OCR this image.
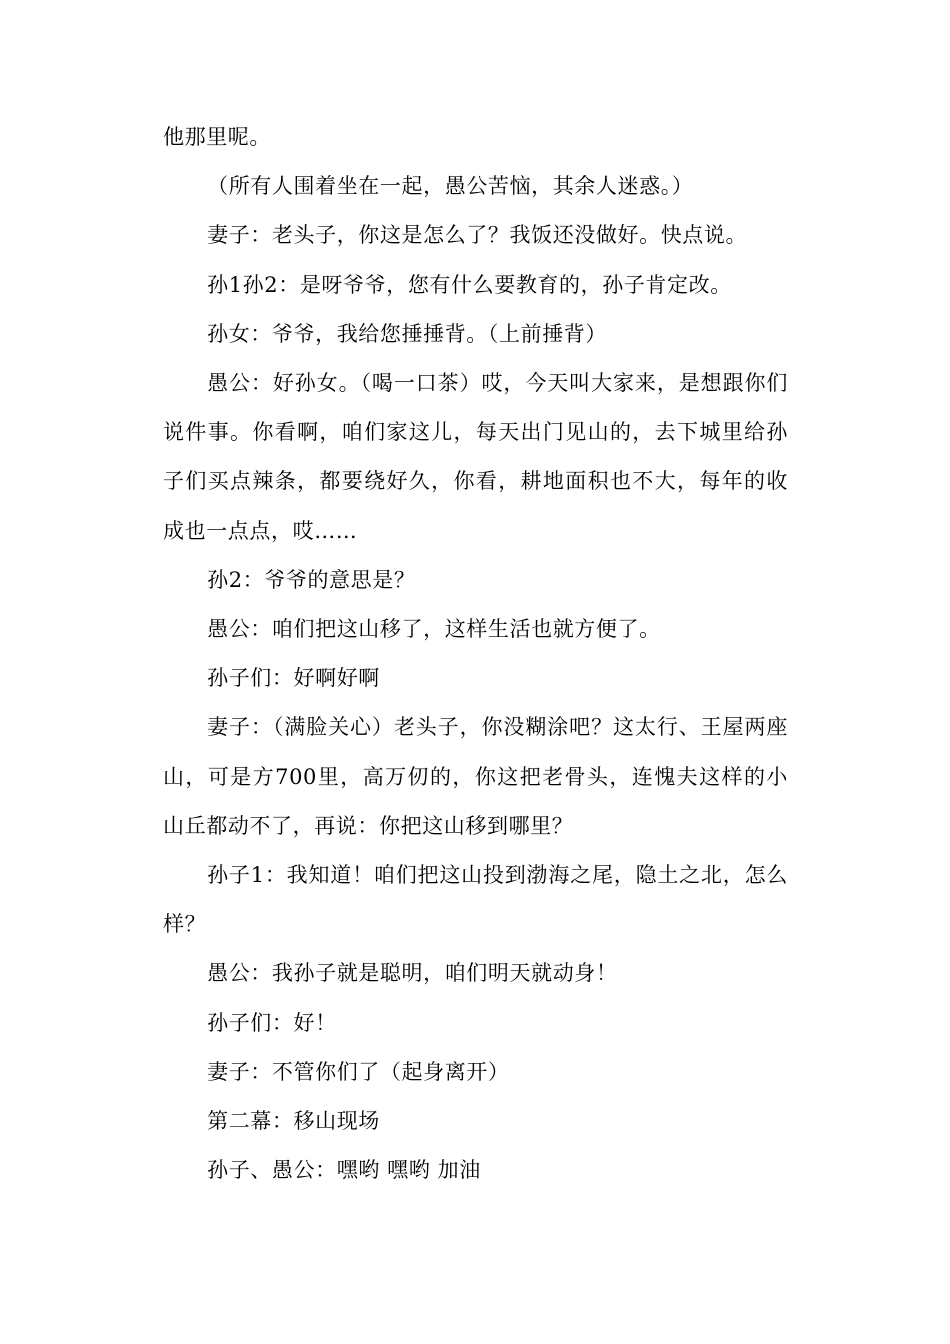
他那里呢。

（所有人围着坐在一起，愚公苦恼，其余人迷惑。）

妻子：老头子，你这是怎么了？我饭还没做好。快点说。

孙1孙2：是呀爷爷，您有什么要教育的，孙子肯定改。

孙女：爷爷，我给您捶捶背。（上前捶背）

愚公：好孙女。（喝一口茶）哎，今天叫大家来，是想跟你们说件事。你看啊，咱们家这儿，每天出门见山的，去下城里给孙子们买点辣条，都要绕好久，你看，耕地面积也不大，每年的收成也一点点，哎……

孙2：爷爷的意思是？

愚公：咱们把这山移了，这样生活也就方便了。

孙子们：好啊好啊

妻子：（满脸关心）老头子，你没糊涂吧？这太行、王屋两座山，可是方700里，高万仞的，你这把老骨头，连愧夫这样的小山丘都动不了，再说：你把这山移到哪里？

孙子1：我知道！咱们把这山投到渤海之尾，隐土之北，怎么样？

愚公：我孙子就是聪明，咱们明天就动身！

孙子们：好！

妻子：不管你们了（起身离开）

第二幕：移山现场

孙子、愚公：嘿哟 嘿哟 加油
